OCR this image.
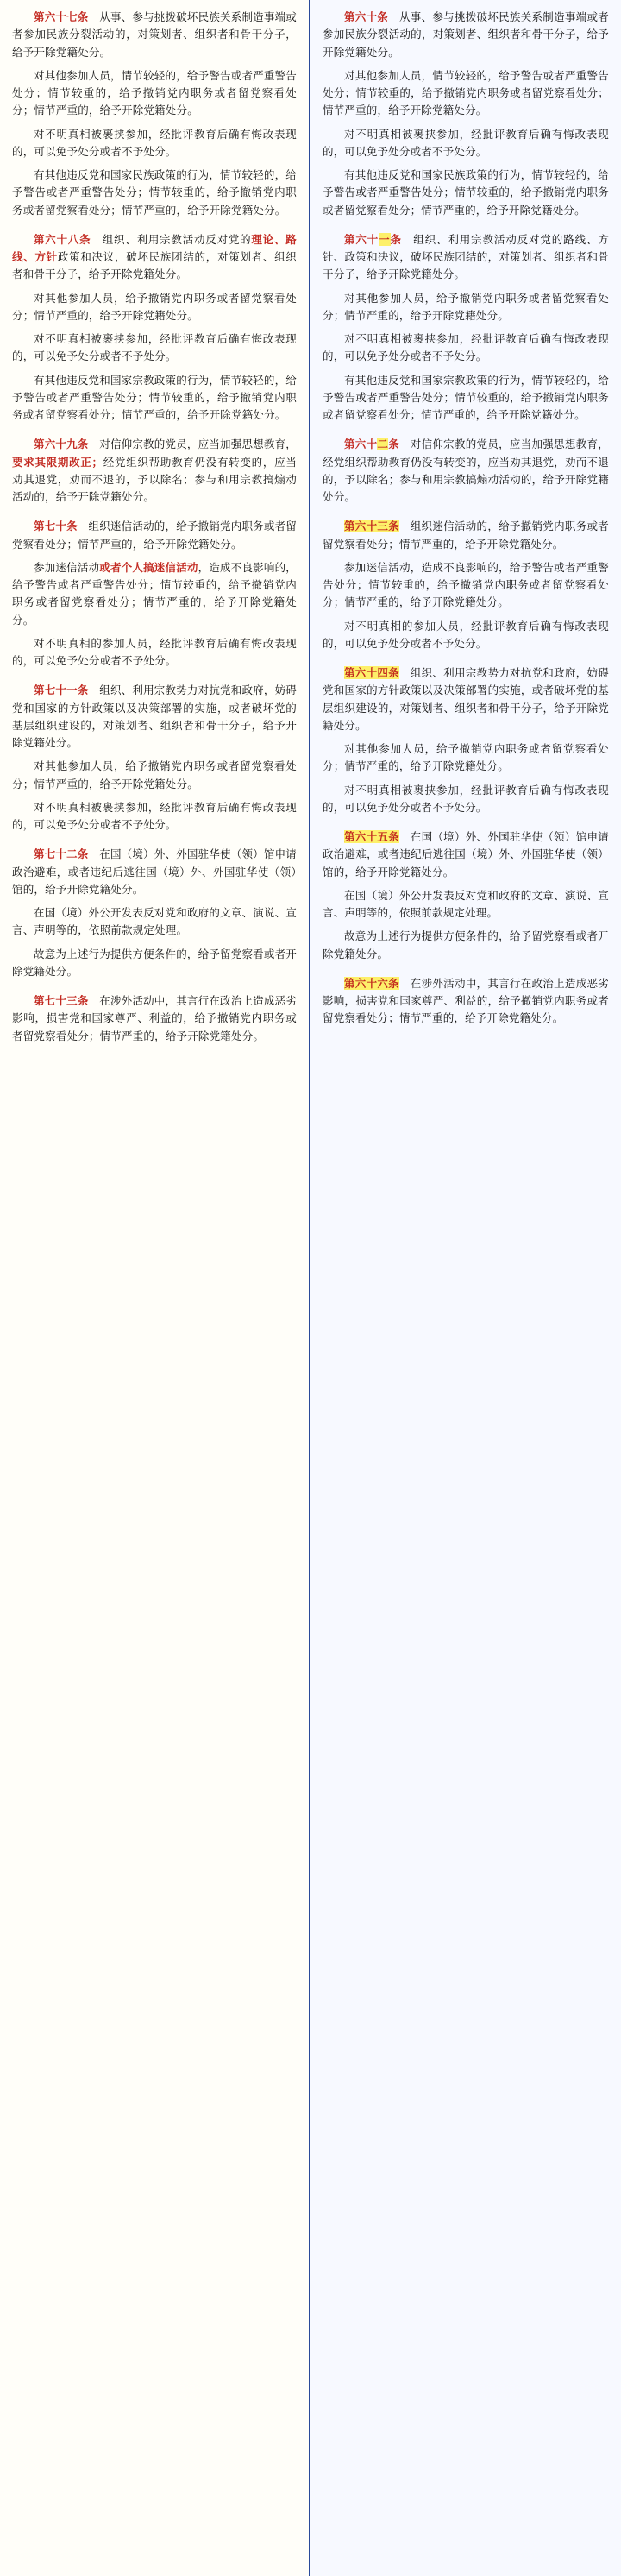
第六十七条　从事、参与挑拨破坏民族关系制造事端或者参加民族分裂活动的，对策划者、组织者和骨干分子，给予开除党籍处分。

对其他参加人员，情节较轻的，给予警告或者严重警告处分；情节较重的，给予撤销党内职务或者留党察看处分；情节严重的，给予开除党籍处分。

对不明真相被裹挟参加，经批评教育后确有悔改表现的，可以免予处分或者不予处分。

有其他违反党和国家民族政策的行为，情节较轻的，给予警告或者严重警告处分；情节较重的，给予撤销党内职务或者留党察看处分；情节严重的，给予开除党籍处分。

第六十八条　组织、利用宗教活动反对党的理论、路线、方针政策和决议，破坏民族团结的，对策划者、组织者和骨干分子，给予开除党籍处分。

对其他参加人员，给予撤销党内职务或者留党察看处分；情节严重的，给予开除党籍处分。

对不明真相被裹挟参加，经批评教育后确有悔改表现的，可以免予处分或者不予处分。

有其他违反党和国家宗教政策的行为，情节较轻的，给予警告或者严重警告处分；情节较重的，给予撤销党内职务或者留党察看处分；情节严重的，给予开除党籍处分。

第六十九条　对信仰宗教的党员，应当加强思想教育，要求其限期改正；经党组织帮助教育仍没有转变的，应当劝其退党，劝而不退的，予以除名；参与和用宗教搞煽动活动的，给予开除党籍处分。

第七十条　组织迷信活动的，给予撤销党内职务或者留党察看处分；情节严重的，给予开除党籍处分。

参加迷信活动或者个人搞迷信活动，造成不良影响的，给予警告或者严重警告处分；情节较重的，给予撤销党内职务或者留党察看处分；情节严重的，给予开除党籍处分。

对不明真相的参加人员，经批评教育后确有悔改表现的，可以免予处分或者不予处分。

第七十一条　组织、利用宗教势力对抗党和政府，妨碍党和国家的方针政策以及决策部署的实施，或者破坏党的基层组织建设的，对策划者、组织者和骨干分子，给予开除党籍处分。

对其他参加人员，给予撤销党内职务或者留党察看处分；情节严重的，给予开除党籍处分。

对不明真相被裹挟参加，经批评教育后确有悔改表现的，可以免予处分或者不予处分。

第七十二条　在国（境）外、外国驻华使（领）馆申请政治避难，或者违纪后逃往国（境）外、外国驻华使（领）馆的，给予开除党籍处分。

在国（境）外公开发表反对党和政府的文章、演说、宣言、声明等的，依照前款规定处理。

故意为上述行为提供方便条件的，给予留党察看或者开除党籍处分。

第七十三条　在涉外活动中，其言行在政治上造成恶劣影响，损害党和国家尊严、利益的，给予撤销党内职务或者留党察看处分；情节严重的，给予开除党籍处分。

第六十条　从事、参与挑拨破坏民族关系制造事端或者参加民族分裂活动的，对策划者、组织者和骨干分子，给予开除党籍处分。

对其他参加人员，情节较轻的，给予警告或者严重警告处分；情节较重的，给予撤销党内职务或者留党察看处分；情节严重的，给予开除党籍处分。

对不明真相被裹挟参加，经批评教育后确有悔改表现的，可以免予处分或者不予处分。

有其他违反党和国家民族政策的行为，情节较轻的，给予警告或者严重警告处分；情节较重的，给予撤销党内职务或者留党察看处分；情节严重的，给予开除党籍处分。

第六十一条　组织、利用宗教活动反对党的路线、方针、政策和决议，破坏民族团结的，对策划者、组织者和骨干分子，给予开除党籍处分。

对其他参加人员，给予撤销党内职务或者留党察看处分；情节严重的，给予开除党籍处分。

对不明真相被裹挟参加，经批评教育后确有悔改表现的，可以免予处分或者不予处分。

有其他违反党和国家宗教政策的行为，情节较轻的，给予警告或者严重警告处分；情节较重的，给予撤销党内职务或者留党察看处分；情节严重的，给予开除党籍处分。

第六十二条　对信仰宗教的党员，应当加强思想教育，经党组织帮助教育仍没有转变的，应当劝其退党，劝而不退的，予以除名；参与和用宗教搞煽动活动的，给予开除党籍处分。

第六十三条　组织迷信活动的，给予撤销党内职务或者留党察看处分；情节严重的，给予开除党籍处分。

参加迷信活动，造成不良影响的，给予警告或者严重警告处分；情节较重的，给予撤销党内职务或者留党察看处分；情节严重的，给予开除党籍处分。

对不明真相的参加人员，经批评教育后确有悔改表现的，可以免予处分或者不予处分。

第六十四条　组织、利用宗教势力对抗党和政府，妨碍党和国家的方针政策以及决策部署的实施，或者破坏党的基层组织建设的，对策划者、组织者和骨干分子，给予开除党籍处分。

对其他参加人员，给予撤销党内职务或者留党察看处分；情节严重的，给予开除党籍处分。

对不明真相被裹挟参加，经批评教育后确有悔改表现的，可以免予处分或者不予处分。

第六十五条　在国（境）外、外国驻华使（领）馆申请政治避难，或者违纪后逃往国（境）外、外国驻华使（领）馆的，给予开除党籍处分。

在国（境）外公开发表反对党和政府的文章、演说、宣言、声明等的，依照前款规定处理。

故意为上述行为提供方便条件的，给予留党察看或者开除党籍处分。

第六十六条　在涉外活动中，其言行在政治上造成恶劣影响，损害党和国家尊严、利益的，给予撤销党内职务或者留党察看处分；情节严重的，给予开除党籍处分。
